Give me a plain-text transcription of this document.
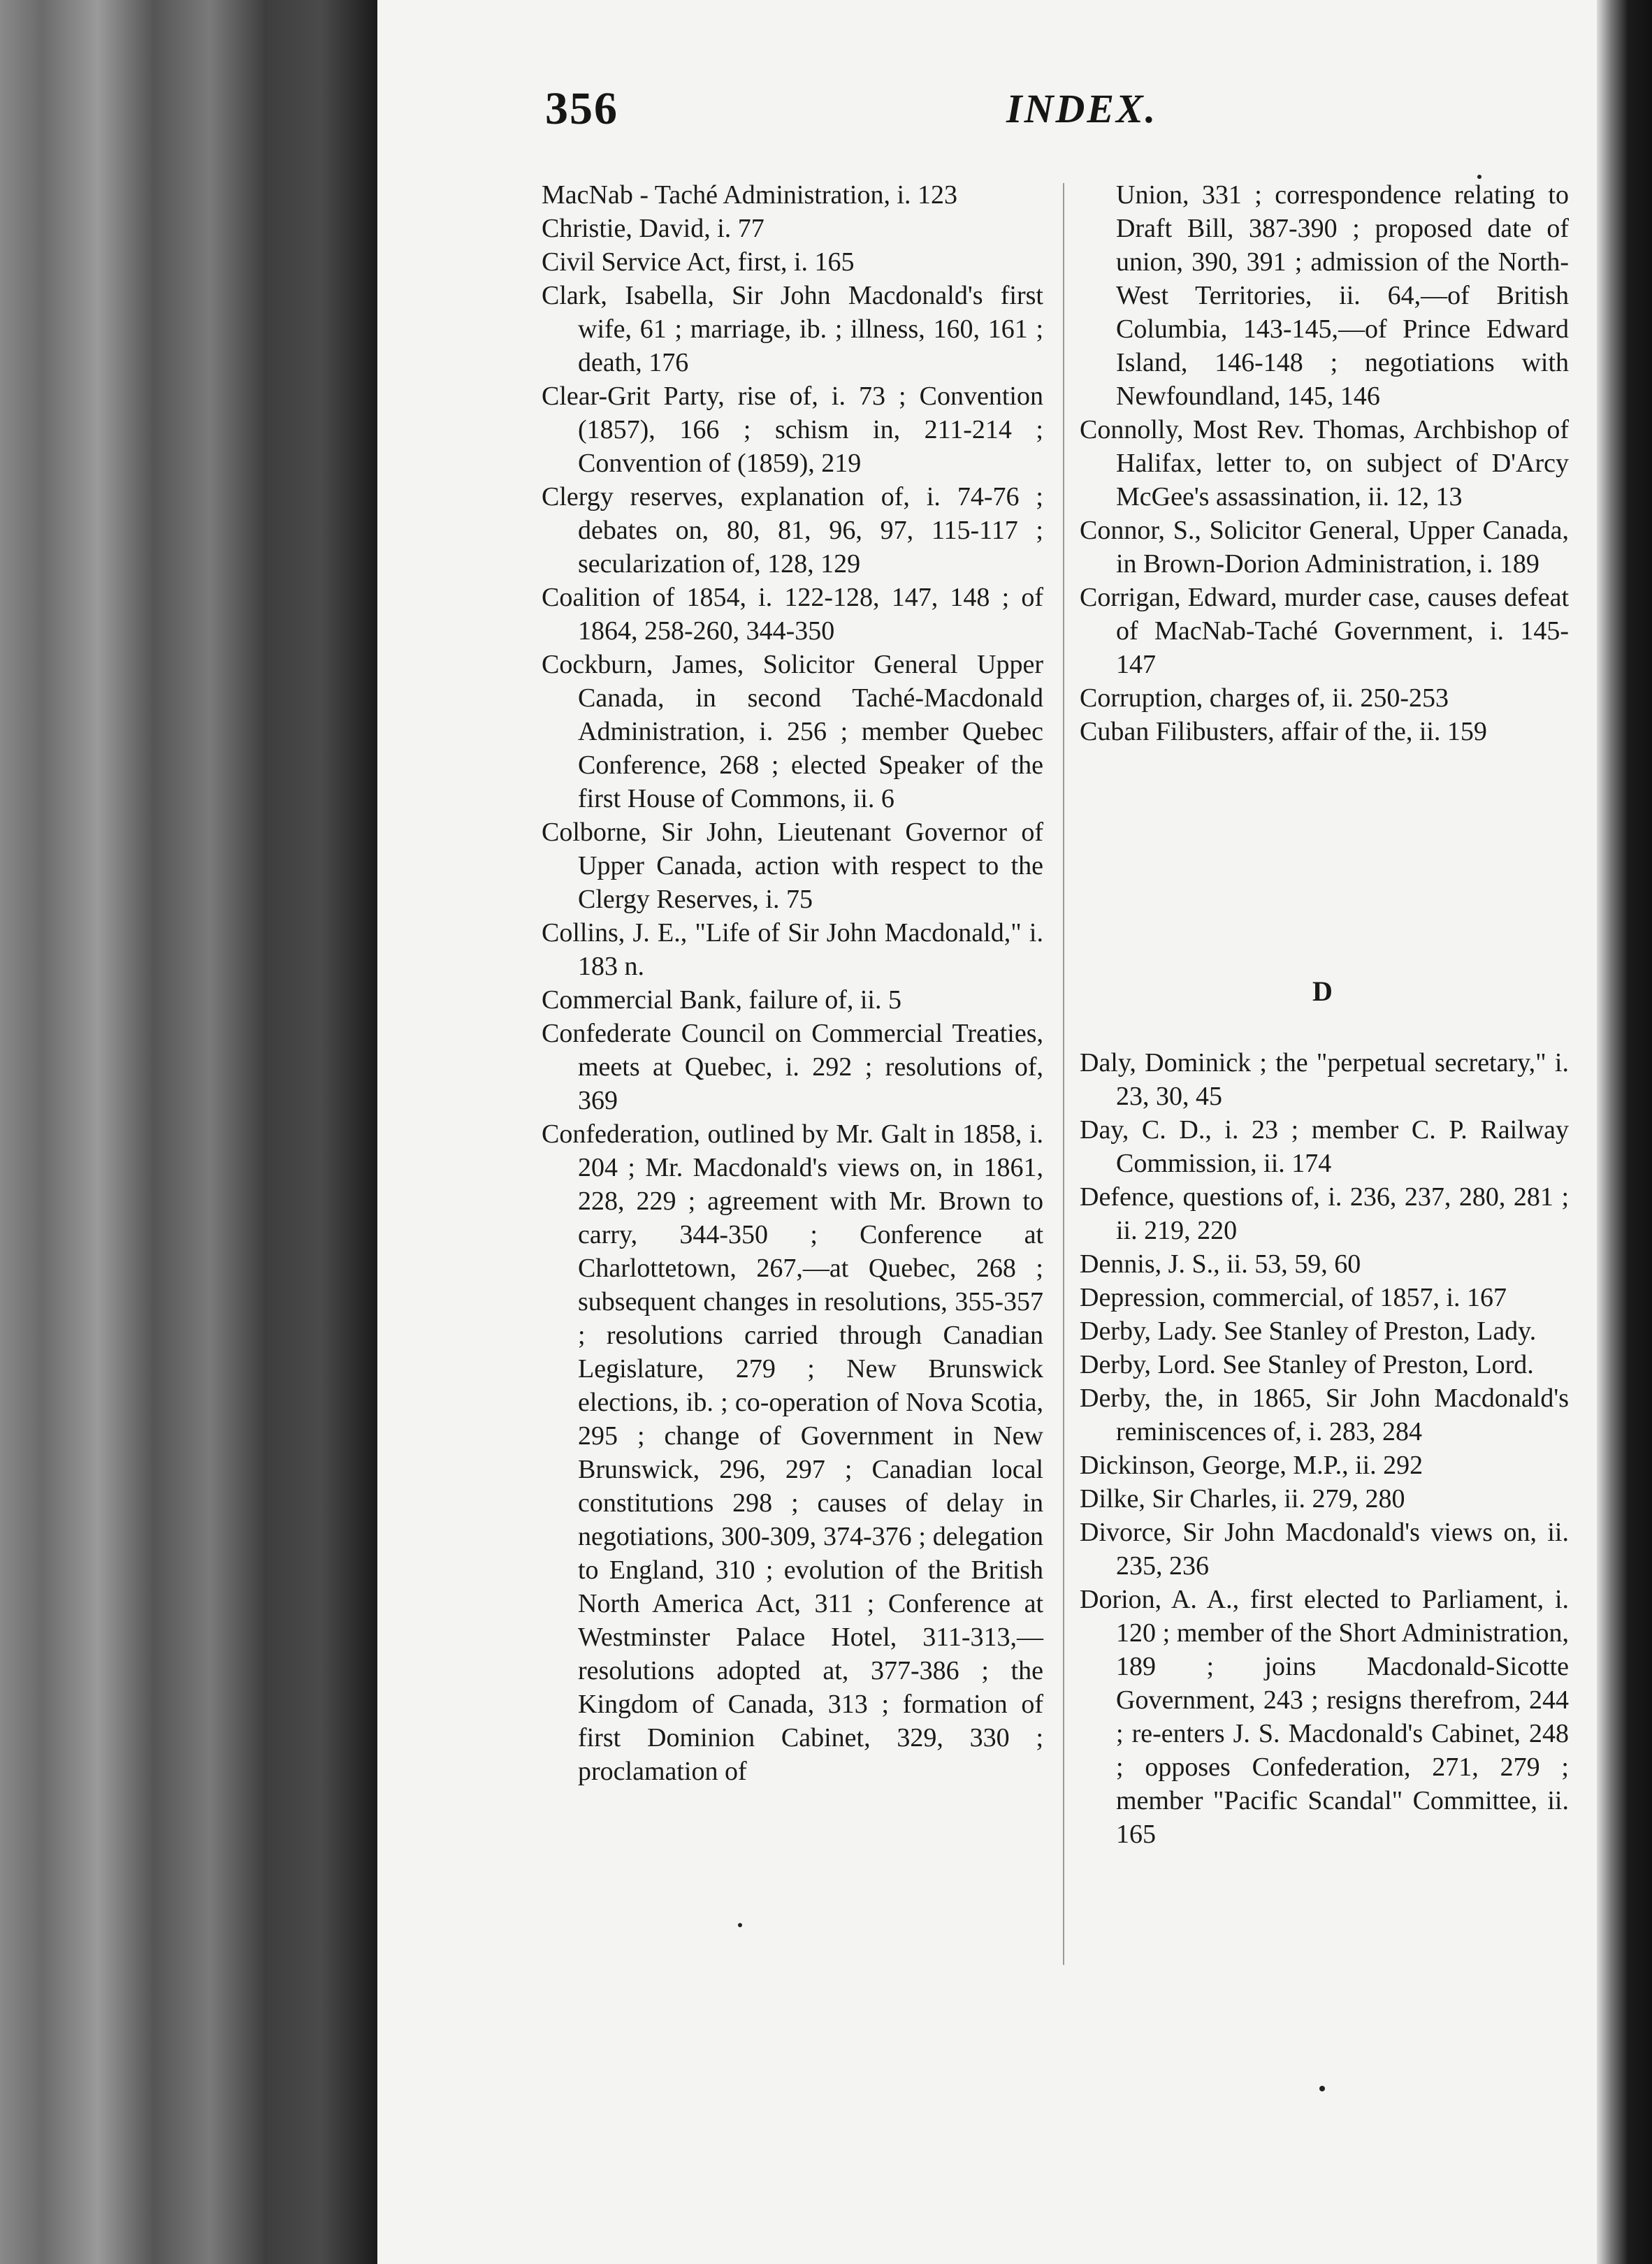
356	INDEX.

MacNab - Taché Administration, i. 123

Christie, David, i. 77

Civil Service Act, first, i. 165

Clark, Isabella, Sir John Macdonald's first wife, 61 ; marriage, ib. ; illness, 160, 161 ; death, 176

Clear-Grit Party, rise of, i. 73 ; Convention (1857), 166 ; schism in, 211-214 ; Convention of (1859), 219

Clergy reserves, explanation of, i. 74-76 ; debates on, 80, 81, 96, 97, 115-117 ; secularization of, 128, 129

Coalition of 1854, i. 122-128, 147, 148 ; of 1864, 258-260, 344-350

Cockburn, James, Solicitor General Upper Canada, in second Taché-Macdonald Administration, i. 256 ; member Quebec Conference, 268 ; elected Speaker of the first House of Commons, ii. 6

Colborne, Sir John, Lieutenant Governor of Upper Canada, action with respect to the Clergy Reserves, i. 75

Collins, J. E., "Life of Sir John Macdonald," i. 183 n.

Commercial Bank, failure of, ii. 5

Confederate Council on Commercial Treaties, meets at Quebec, i. 292 ; resolutions of, 369

Confederation, outlined by Mr. Galt in 1858, i. 204 ; Mr. Macdonald's views on, in 1861, 228, 229 ; agreement with Mr. Brown to carry, 344-350 ; Conference at Charlottetown, 267,—at Quebec, 268 ; subsequent changes in resolutions, 355-357 ; resolutions carried through Canadian Legislature, 279 ; New Brunswick elections, ib. ; co-operation of Nova Scotia, 295 ; change of Government in New Brunswick, 296, 297 ; Canadian local constitutions 298 ; causes of delay in negotiations, 300-309, 374-376 ; delegation to England, 310 ; evolution of the British North America Act, 311 ; Conference at Westminster Palace Hotel, 311-313,—resolutions adopted at, 377-386 ; the Kingdom of Canada, 313 ; formation of first Dominion Cabinet, 329, 330 ; proclamation of

Union, 331 ; correspondence relating to Draft Bill, 387-390 ; proposed date of union, 390, 391 ; admission of the North-West Territories, ii. 64,—of British Columbia, 143-145,—of Prince Edward Island, 146-148 ; negotiations with Newfoundland, 145, 146

Connolly, Most Rev. Thomas, Archbishop of Halifax, letter to, on subject of D'Arcy McGee's assassination, ii. 12, 13

Connor, S., Solicitor General, Upper Canada, in Brown-Dorion Administration, i. 189

Corrigan, Edward, murder case, causes defeat of MacNab-Taché Government, i. 145-147

Corruption, charges of, ii. 250-253

Cuban Filibusters, affair of the, ii. 159

D

Daly, Dominick ; the "perpetual secretary," i. 23, 30, 45

Day, C. D., i. 23 ; member C. P. Railway Commission, ii. 174

Defence, questions of, i. 236, 237, 280, 281 ; ii. 219, 220

Dennis, J. S., ii. 53, 59, 60

Depression, commercial, of 1857, i. 167

Derby, Lady. See Stanley of Preston, Lady.

Derby, Lord. See Stanley of Preston, Lord.

Derby, the, in 1865, Sir John Macdonald's reminiscences of, i. 283, 284

Dickinson, George, M.P., ii. 292

Dilke, Sir Charles, ii. 279, 280

Divorce, Sir John Macdonald's views on, ii. 235, 236

Dorion, A. A., first elected to Parliament, i. 120 ; member of the Short Administration, 189 ; joins Macdonald-Sicotte Government, 243 ; resigns therefrom, 244 ; re-enters J. S. Macdonald's Cabinet, 248 ; opposes Confederation, 271, 279 ; member "Pacific Scandal" Committee, ii. 165
